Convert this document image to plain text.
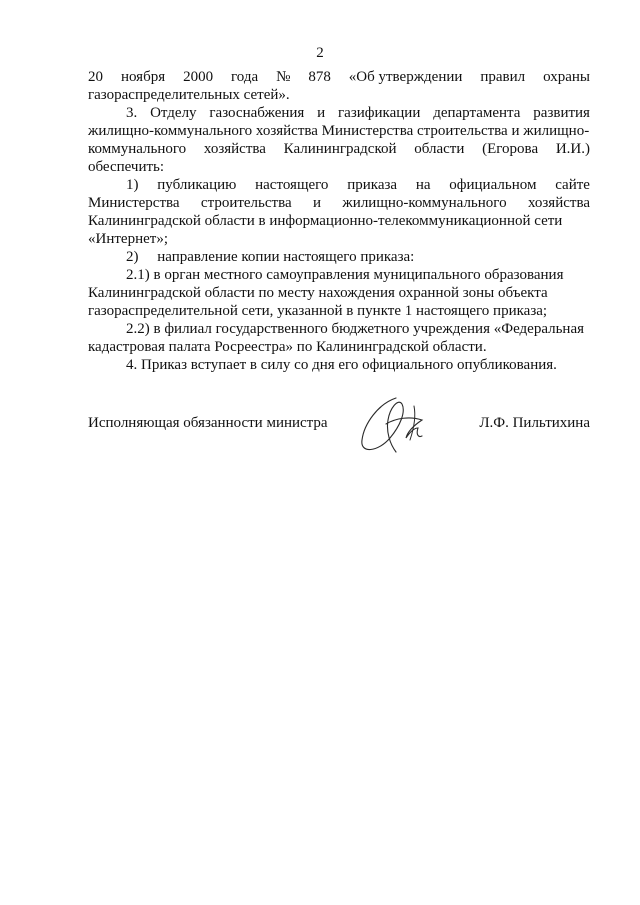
2
20 ноября 2000 года № 878 «Об утверждении правил охраны
газораспределительных сетей».
3. Отделу газоснабжения и газификации департамента развития
жилищно-коммунального хозяйства Министерства строительства и жилищно-
коммунального хозяйства Калининградской области (Егорова И.И.)
обеспечить:
1) публикацию настоящего приказа на официальном сайте
Министерства строительства и жилищно-коммунального хозяйства
Калининградской области в информационно-телекоммуникационной сети
«Интернет»;

2)     направление копии настоящего приказа:

2.1) в орган местного самоуправления муниципального образования

Калининградской области по месту нахождения охранной зоны объекта
газораспределительной сети, указанной в пункте 1 настоящего приказа;

2.2) в филиал государственного бюджетного учреждения «Федеральная

кадастровая палата Росреестра» по Калининградской области.

4. Приказ вступает в силу со дня его официального опубликования.

Исполняющая обязанности министра	Л.Ф. Пильтихина
